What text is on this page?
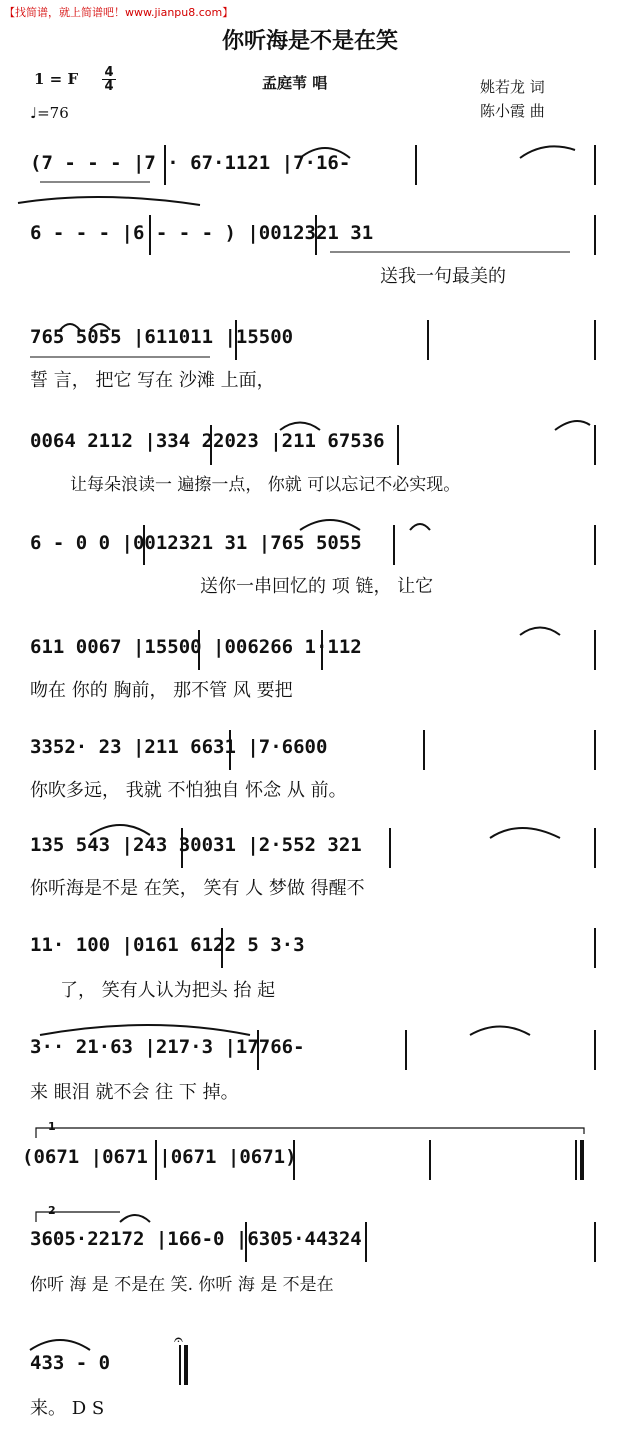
【找简谱，就上简谱吧！www.jianpu8.com】
你听海是不是在笑
1 = F 4
4
♩=76
孟庭苇 唱	姚若龙 词
陈小霞 曲
(7 - - - |7 · 67·1121 |7·16-
6 - - - |6 - - - ) |0012321 31
送我一句最美的
765 5055 |611011 |15500
誓 言， 把它 写在 沙滩 上面，
0064 2112 |334 22023 |211 67536
让每朵浪读一 遍擦一点， 你就 可以忘记不必实现。
6 - 0 0 |0012321 31 |765 5055
送你一串回忆的 项 链， 让它
611 0067 |15500 |006266 1·112
吻在 你的 胸前， 那不管 风 要把
3352· 23 |211 6631 |7·6600
你吹多远， 我就 不怕独自 怀念 从 前。
135 543 |243 30031 |2·552 321
你听海是不是 在笑， 笑有 人 梦做 得醒不
11· 100 |0161 6122 5 3·3
了， 笑有人认为把头 抬 起
3·· 21·63 |217·3 |17766-
来 眼泪 就不会 往 下 掉。
1
(0671 |0671 |0671 |0671)
2
3605·22172 |166-0 |6305·44324
你听 海 是 不是在 笑. 你听 海 是 不是在
433 - 0
来。 D S
𝄐
